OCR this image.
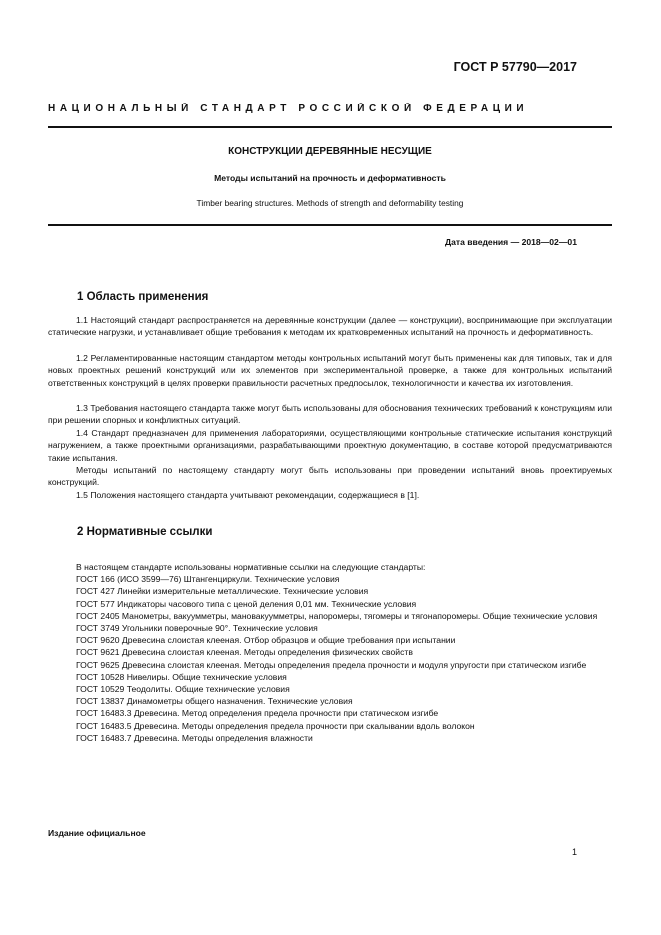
ГОСТ Р 57790—2017
НАЦИОНАЛЬНЫЙ СТАНДАРТ РОССИЙСКОЙ ФЕДЕРАЦИИ
КОНСТРУКЦИИ ДЕРЕВЯННЫЕ НЕСУЩИЕ
Методы испытаний на прочность и деформативность
Timber bearing structures. Methods of strength and deformability testing
Дата введения — 2018—02—01
1 Область применения

1.1 Настоящий стандарт распространяется на деревянные конструкции (далее — конструкции), воспринимающие при эксплуатации статические нагрузки, и устанавливает общие требования к методам их кратковременных испытаний на прочность и деформативность.

1.2 Регламентированные настоящим стандартом методы контрольных испытаний могут быть применены как для типовых, так и для новых проектных решений конструкций или их элементов при экспериментальной проверке, а также для контрольных испытаний ответственных конструкций в целях проверки правильности расчетных предпосылок, технологичности и качества их изготовления.

1.3 Требования настоящего стандарта также могут быть использованы для обоснования технических требований к конструкциям или при решении спорных и конфликтных ситуаций.

1.4 Стандарт предназначен для применения лабораториями, осуществляющими контрольные статические испытания конструкций нагружением, а также проектными организациями, разрабатывающими проектную документацию, в составе которой предусматриваются такие испытания.

Методы испытаний по настоящему стандарту могут быть использованы при проведении испытаний вновь проектируемых конструкций.

1.5 Положения настоящего стандарта учитывают рекомендации, содержащиеся в [1].

2 Нормативные ссылки
В настоящем стандарте использованы нормативные ссылки на следующие стандарты:
ГОСТ 166 (ИСО 3599—76) Штангенциркули. Технические условия
ГОСТ 427 Линейки измерительные металлические. Технические условия
ГОСТ 577 Индикаторы часового типа с ценой деления 0,01 мм. Технические условия
ГОСТ 2405 Манометры, вакуумметры, мановакуумметры, напоромеры, тягомеры и тягонапоромеры. Общие технические условия
ГОСТ 3749 Угольники поверочные 90°. Технические условия
ГОСТ 9620 Древесина слоистая клееная. Отбор образцов и общие требования при испытании
ГОСТ 9621 Древесина слоистая клееная. Методы определения физических свойств
ГОСТ 9625 Древесина слоистая клееная. Методы определения предела прочности и модуля упругости при статическом изгибе
ГОСТ 10528 Нивелиры. Общие технические условия
ГОСТ 10529 Теодолиты. Общие технические условия
ГОСТ 13837 Динамометры общего назначения. Технические условия
ГОСТ 16483.3 Древесина. Метод определения предела прочности при статическом изгибе
ГОСТ 16483.5 Древесина. Методы определения предела прочности при скалывании вдоль волокон
ГОСТ 16483.7 Древесина. Методы определения влажности
Издание официальное
1
